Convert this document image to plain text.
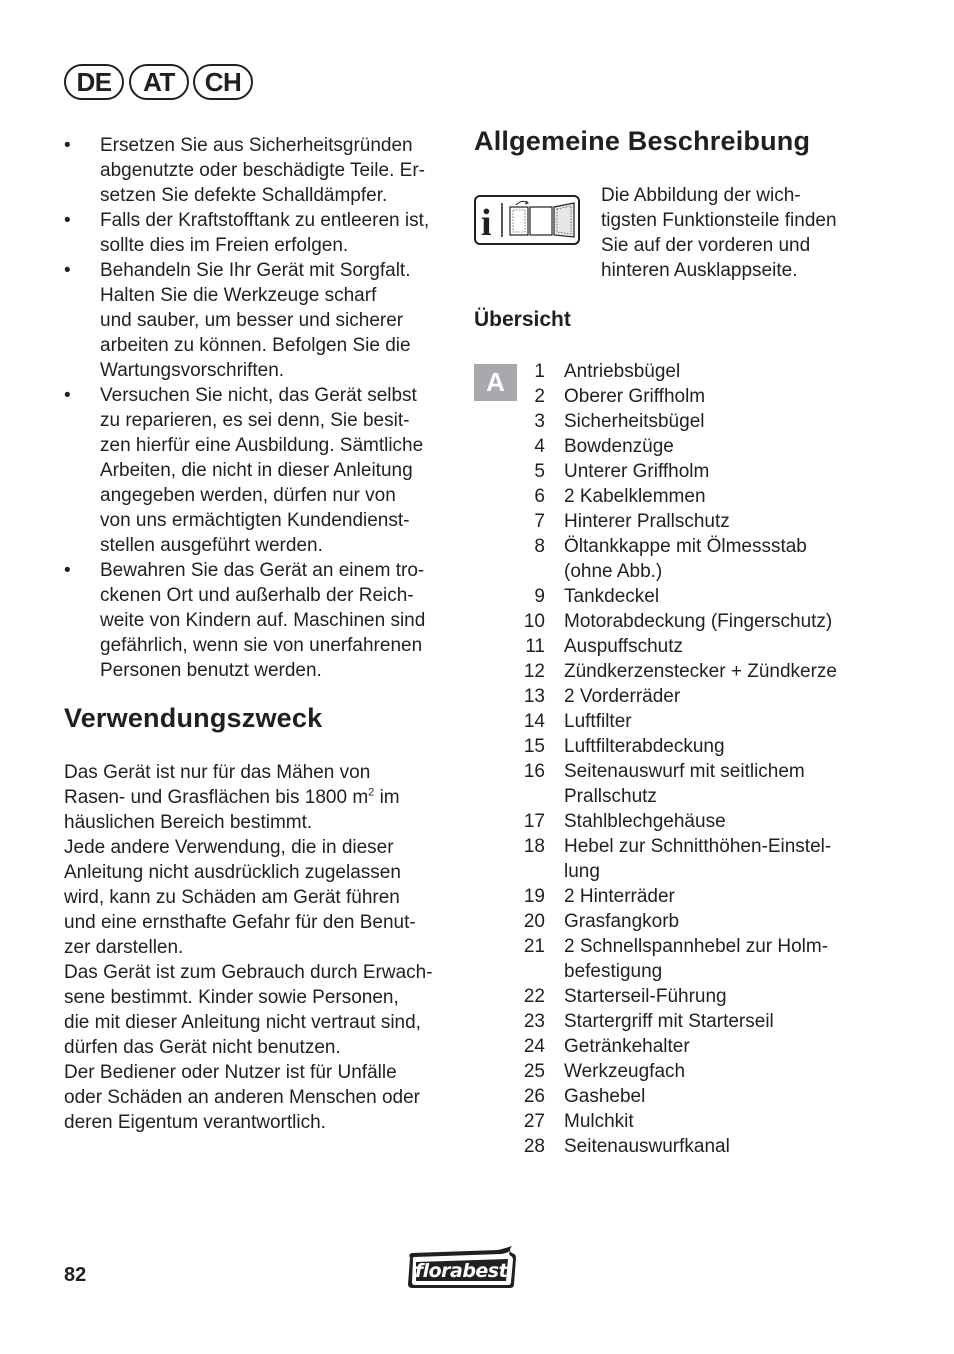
DE	AT	CH
• Ersetzen Sie aus Sicherheitsgründen
abgenutzte oder beschädigte Teile. Er-
setzen Sie defekte Schalldämpfer.
• Falls der Kraftstofftank zu entleeren ist,
sollte dies im Freien erfolgen.
• Behandeln Sie Ihr Gerät mit Sorgfalt.
Halten Sie die Werkzeuge scharf
und sauber, um besser und sicherer
arbeiten zu können. Befolgen Sie die
Wartungsvorschriften.
• Versuchen Sie nicht, das Gerät selbst
zu reparieren, es sei denn, Sie besit-
zen hierfür eine Ausbildung. Sämtliche
Arbeiten, die nicht in dieser Anleitung
angegeben werden, dürfen nur von
von uns ermächtigten Kundendienst-
stellen ausgeführt werden.
• Bewahren Sie das Gerät an einem tro-
ckenen Ort und außerhalb der Reich-
weite von Kindern auf. Maschinen sind
gefährlich, wenn sie von unerfahrenen
Personen benutzt werden.
Verwendungszweck
Das Gerät ist nur für das Mähen von
Rasen- und Grasflächen bis 1800 $m^2$ im
häuslichen Bereich bestimmt.
Jede andere Verwendung, die in dieser
Anleitung nicht ausdrücklich zugelassen
wird, kann zu Schäden am Gerät führen
und eine ernsthafte Gefahr für den Benut-
zer darstellen.
Das Gerät ist zum Gebrauch durch Erwach-
sene bestimmt. Kinder sowie Personen,
die mit dieser Anleitung nicht vertraut sind,
dürfen das Gerät nicht benutzen.
Der Bediener oder Nutzer ist für Unfälle
oder Schäden an anderen Menschen oder
deren Eigentum verantwortlich.
Allgemeine Beschreibung
i
Die Abbildung der wich-
tigsten Funktionsteile finden
Sie auf der vorderen und
hinteren Ausklappseite.
Übersicht
A	1 Antriebsbügel
2 Oberer Griffholm
3 Sicherheitsbügel
4 Bowdenzüge
5 Unterer Griffholm
6 2 Kabelklemmen
7 Hinterer Prallschutz
8 Öltankkappe mit Ölmessstab
(ohne Abb.)
9 Tankdeckel
10 Motorabdeckung (Fingerschutz)
11 Auspuffschutz
12 Zündkerzenstecker + Zündkerze
13 2 Vorderräder
14 Luftfilter
15 Luftfilterabdeckung
16 Seitenauswurf mit seitlichem
Prallschutz
17 Stahlblechgehäuse
18 Hebel zur Schnitthöhen-Einstel-
lung
19 2 Hinterräder
20 Grasfangkorb
21 2 Schnellspannhebel zur Holm-
befestigung
22 Starterseil-Führung
23 Startergriff mit Starterseil
24 Getränkehalter
25 Werkzeugfach
26 Gashebel
27 Mulchkit
28 Seitenauswurfkanal
82	florabest
